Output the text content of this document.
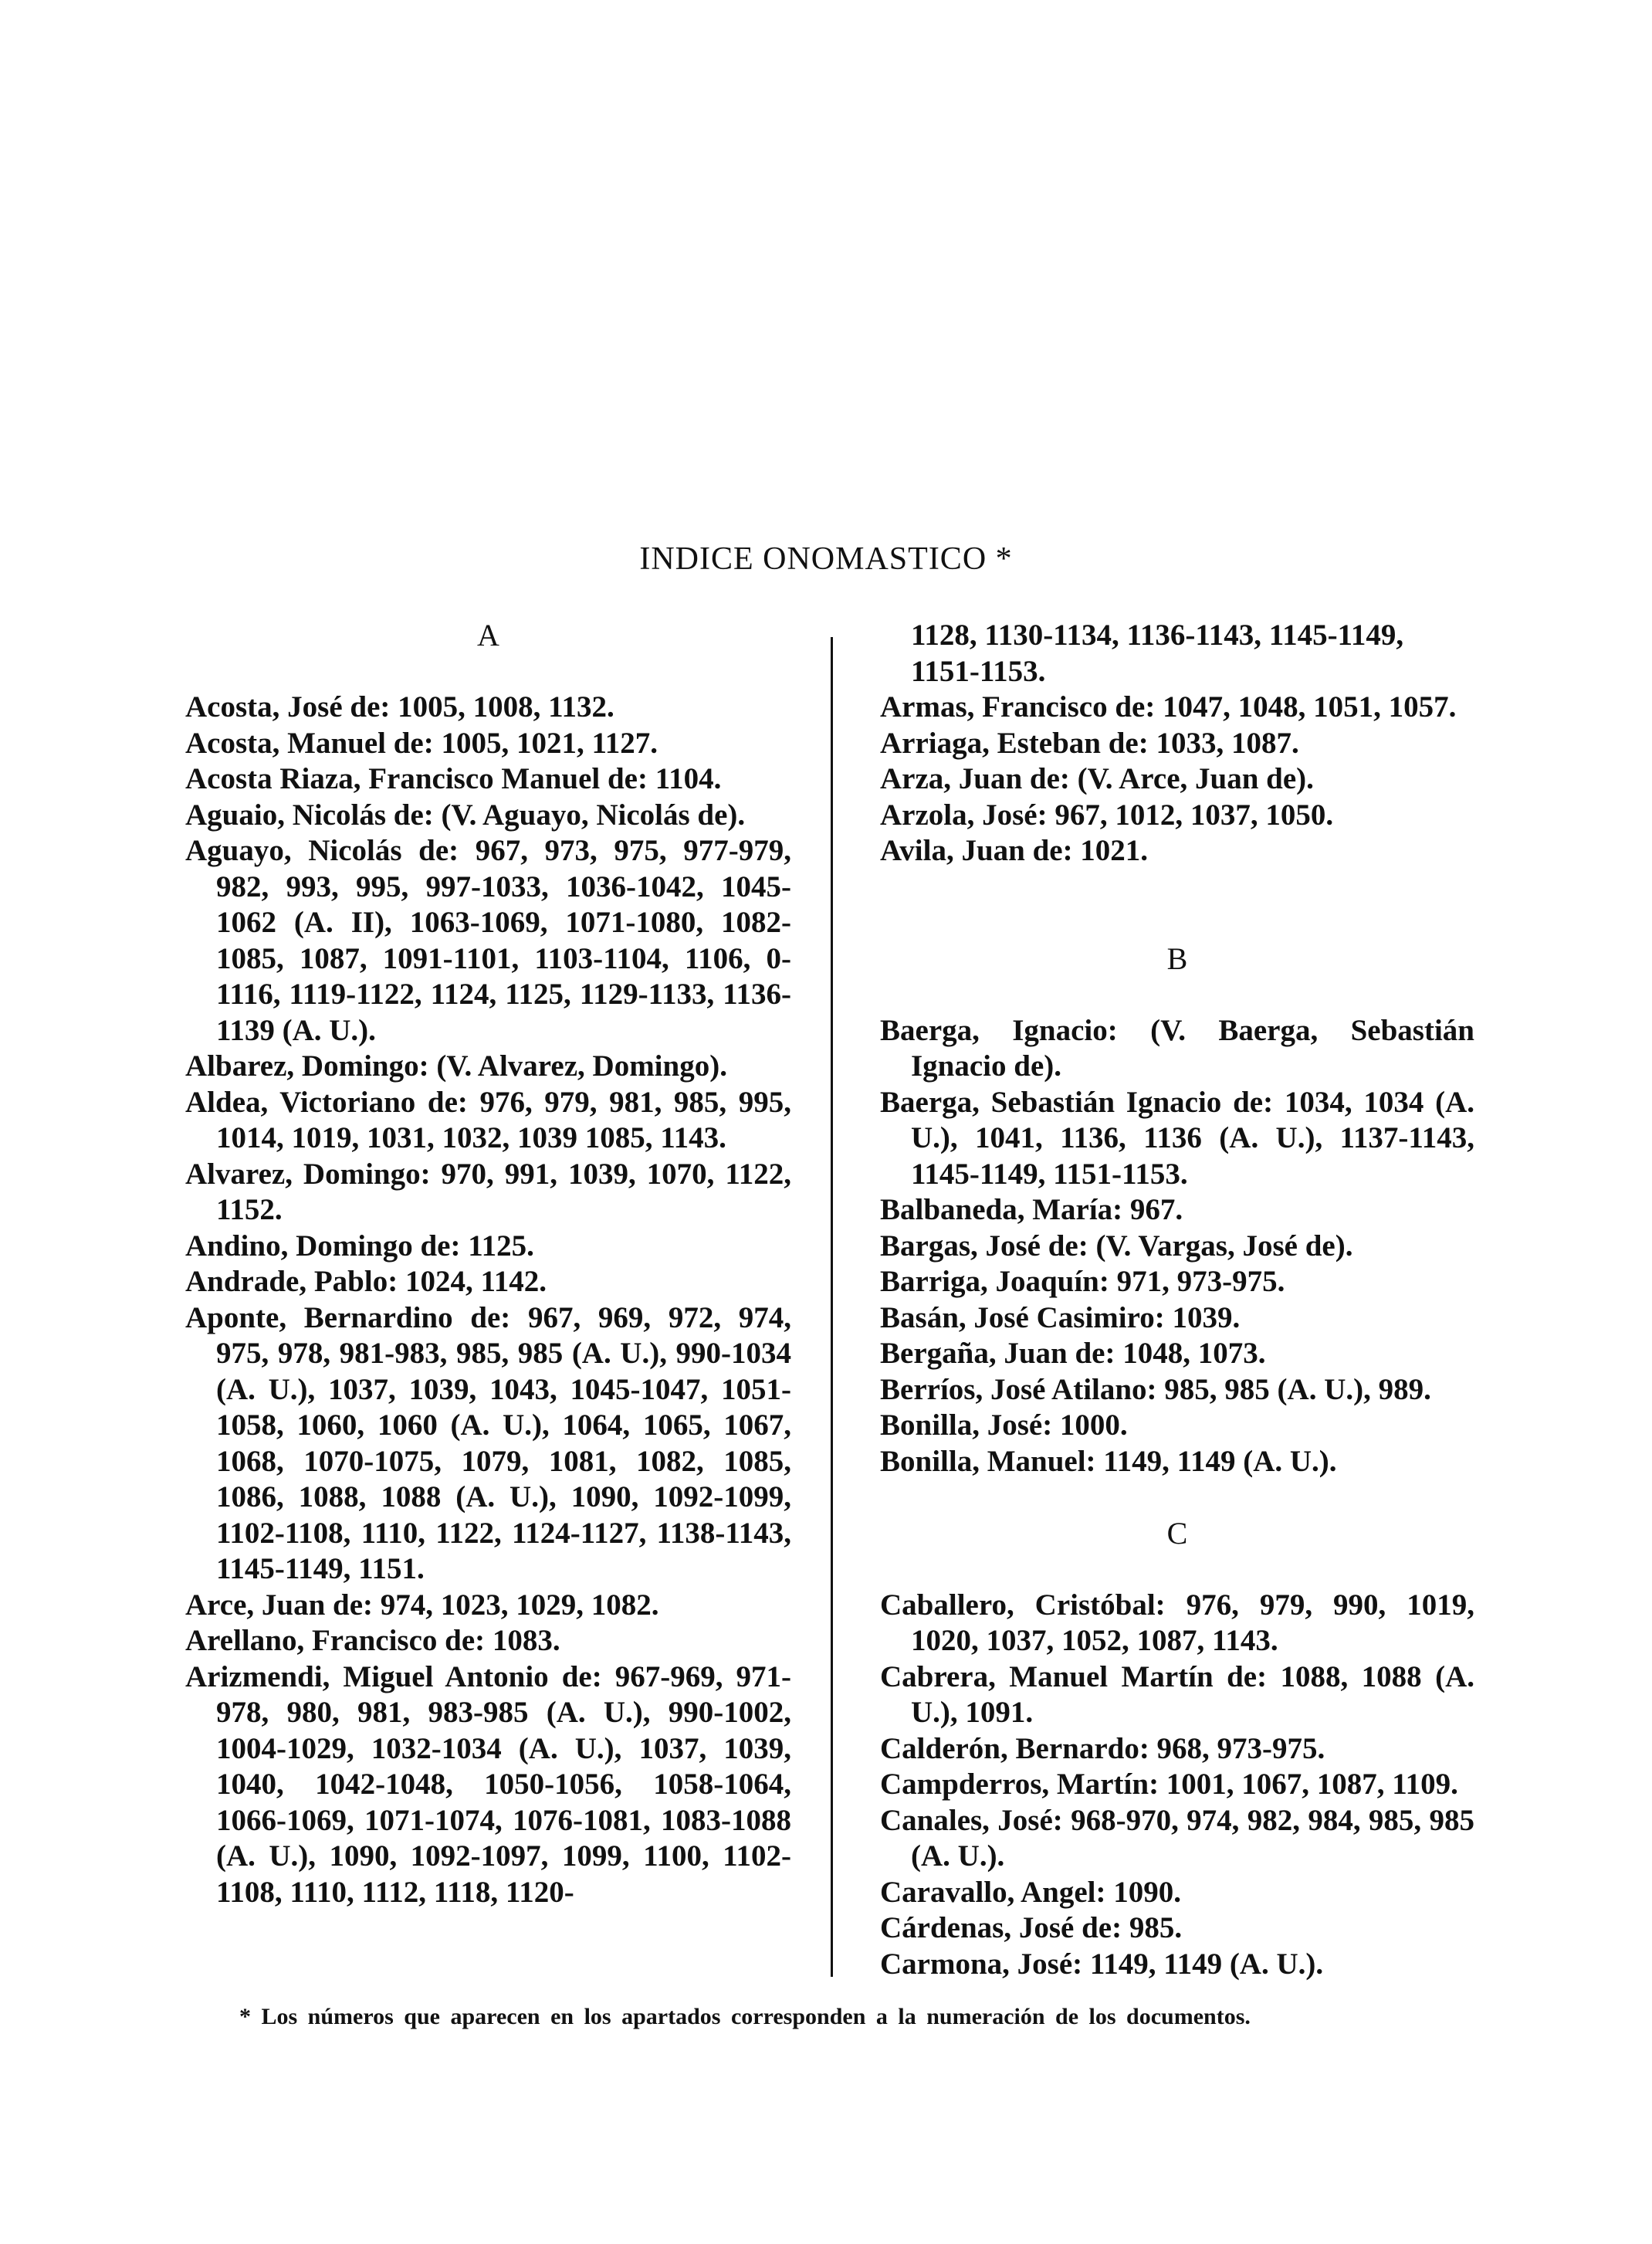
INDICE ONOMASTICO *
A
Acosta, José de: 1005, 1008, 1132.
Acosta, Manuel de: 1005, 1021, 1127.
Acosta Riaza, Francisco Manuel de: 1104.
Aguaio, Nicolás de: (V. Aguayo, Nicolás de).
Aguayo, Nicolás de: 967, 973, 975, 977-979, 982, 993, 995, 997-1033, 1036-1042, 1045-1062 (A. II), 1063-1069, 1071-1080, 1082-1085, 1087, 1091-1101, 1103-1104, 1106, 0-1116, 1119-1122, 1124, 1125, 1129-1133, 1136-1139 (A. U.).
Albarez, Domingo: (V. Alvarez, Domingo).
Aldea, Victoriano de: 976, 979, 981, 985, 995, 1014, 1019, 1031, 1032, 1039 1085, 1143.
Alvarez, Domingo: 970, 991, 1039, 1070, 1122, 1152.
Andino, Domingo de: 1125.
Andrade, Pablo: 1024, 1142.
Aponte, Bernardino de: 967, 969, 972, 974, 975, 978, 981-983, 985, 985 (A. U.), 990-1034 (A. U.), 1037, 1039, 1043, 1045-1047, 1051-1058, 1060, 1060 (A. U.), 1064, 1065, 1067, 1068, 1070-1075, 1079, 1081, 1082, 1085, 1086, 1088, 1088 (A. U.), 1090, 1092-1099, 1102-1108, 1110, 1122, 1124-1127, 1138-1143, 1145-1149, 1151.
Arce, Juan de: 974, 1023, 1029, 1082.
Arellano, Francisco de: 1083.
Arizmendi, Miguel Antonio de: 967-969, 971-978, 980, 981, 983-985 (A. U.), 990-1002, 1004-1029, 1032-1034 (A. U.), 1037, 1039, 1040, 1042-1048, 1050-1056, 1058-1064, 1066-1069, 1071-1074, 1076-1081, 1083-1088 (A. U.), 1090, 1092-1097, 1099, 1100, 1102-1108, 1110, 1112, 1118, 1120-
1128, 1130-1134, 1136-1143, 1145-1149, 1151-1153.
Armas, Francisco de: 1047, 1048, 1051, 1057.
Arriaga, Esteban de: 1033, 1087.
Arza, Juan de: (V. Arce, Juan de).
Arzola, José: 967, 1012, 1037, 1050.
Avila, Juan de: 1021.
B
Baerga, Ignacio: (V. Baerga, Sebastián Ignacio de).
Baerga, Sebastián Ignacio de: 1034, 1034 (A. U.), 1041, 1136, 1136 (A. U.), 1137-1143, 1145-1149, 1151-1153.
Balbaneda, María: 967.
Bargas, José de: (V. Vargas, José de).
Barriga, Joaquín: 971, 973-975.
Basán, José Casimiro: 1039.
Bergaña, Juan de: 1048, 1073.
Berríos, José Atilano: 985, 985 (A. U.), 989.
Bonilla, José: 1000.
Bonilla, Manuel: 1149, 1149 (A. U.).
C
Caballero, Cristóbal: 976, 979, 990, 1019, 1020, 1037, 1052, 1087, 1143.
Cabrera, Manuel Martín de: 1088, 1088 (A. U.), 1091.
Calderón, Bernardo: 968, 973-975.
Campderros, Martín: 1001, 1067, 1087, 1109.
Canales, José: 968-970, 974, 982, 984, 985, 985 (A. U.).
Caravallo, Angel: 1090.
Cárdenas, José de: 985.
Carmona, José: 1149, 1149 (A. U.).
* Los números que aparecen en los apartados corresponden a la numeración de los documentos.
